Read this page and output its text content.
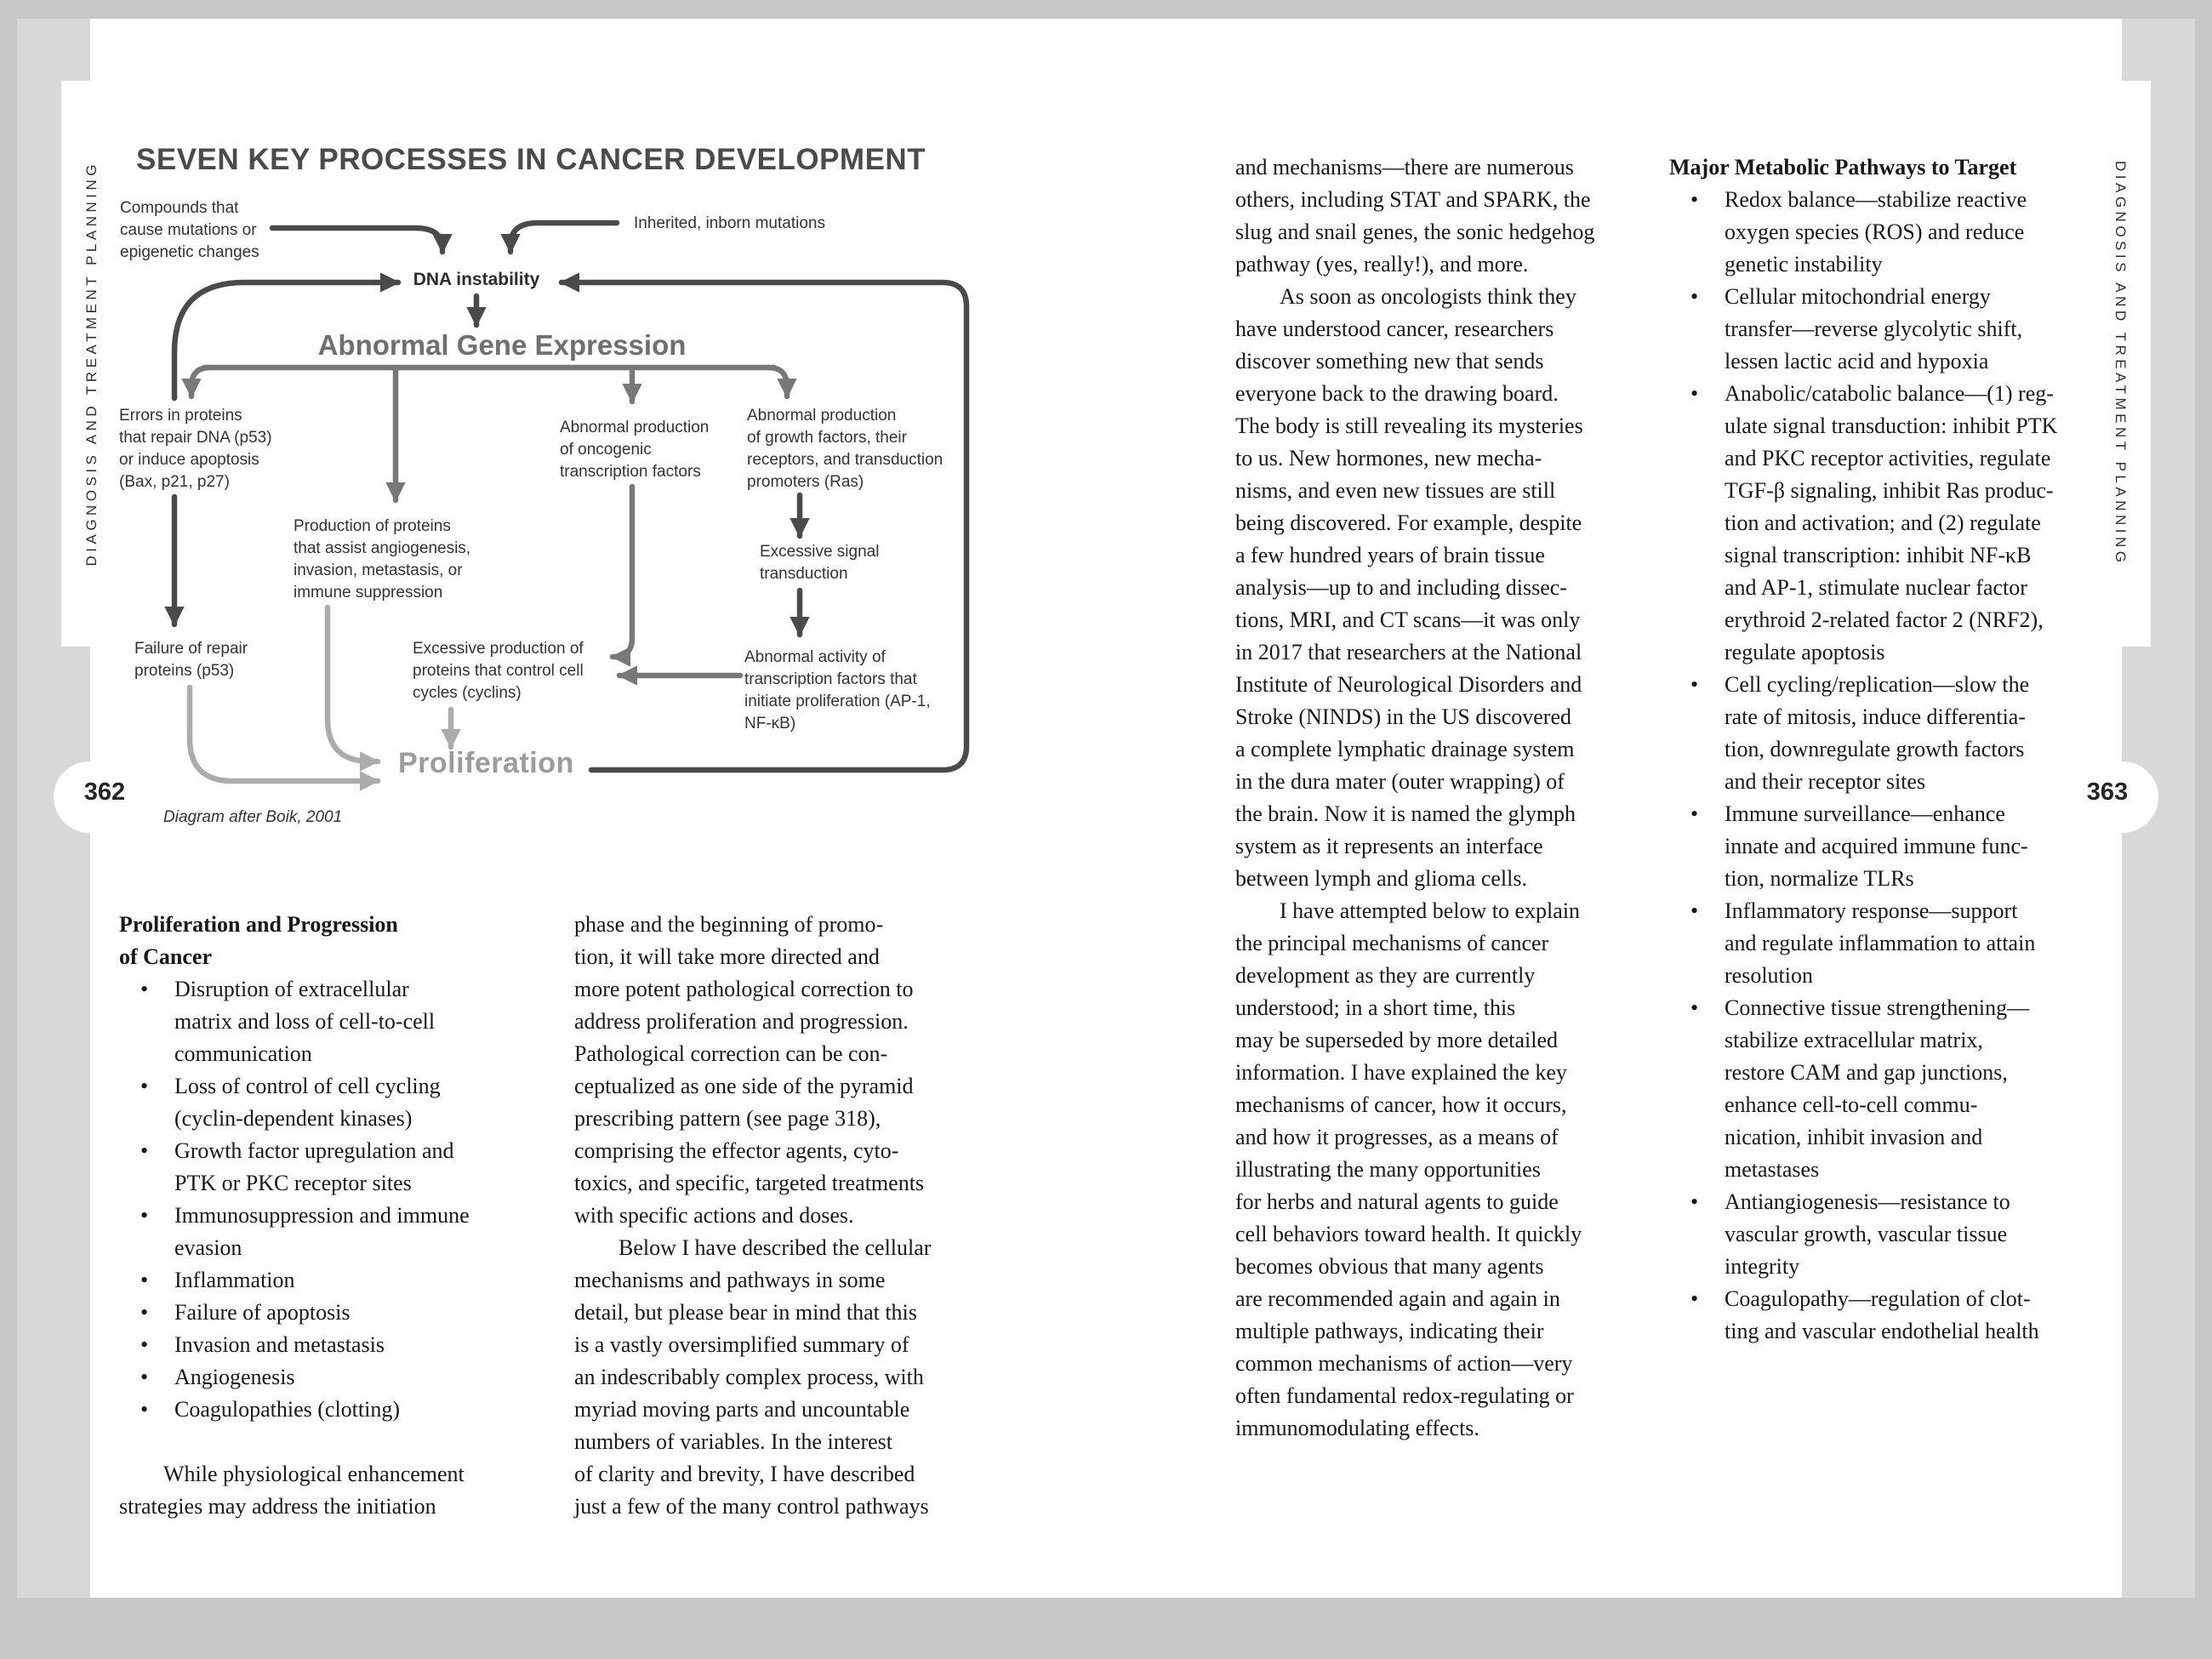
DIAGNOSIS AND TREATMENT PLANNING	DIAGNOSIS AND TREATMENT PLANNING
362	363
SEVEN KEY PROCESSES IN CANCER DEVELOPMENT
Compounds that
cause mutations or
epigenetic changes
Inherited, inborn mutations
DNA instability
Abnormal Gene Expression
Errors in proteins
that repair DNA (p53)
or induce apoptosis
(Bax, p21, p27)
Abnormal production
of oncogenic
transcription factors
Abnormal production
of growth factors, their
receptors, and transduction
promoters (Ras)
Production of proteins
that assist angiogenesis,
invasion, metastasis, or
immune suppression
Excessive signal
transduction
Failure of repair
proteins (p53)
Excessive production of
proteins that control cell
cycles (cyclins)
Abnormal activity of
transcription factors that
initiate proliferation (AP-1,
NF-κB)
Proliferation
Diagram after Boik, 2001
Proliferation and Progression
of Cancer
•	Disruption of extracellular
matrix and loss of cell-to-cell
communication
•	Loss of control of cell cycling
(cyclin-dependent kinases)
•	Growth factor upregulation and
PTK or PKC receptor sites
•	Immunosuppression and immune
evasion
•	Inflammation
•	Failure of apoptosis
•	Invasion and metastasis
•	Angiogenesis
•	Coagulopathies (clotting)
  While physiological enhancement
strategies may address the initiation
phase and the beginning of promo-
tion, it will take more directed and
more potent pathological correction to
address proliferation and progression.
Pathological correction can be con-
ceptualized as one side of the pyramid
prescribing pattern (see page 318),
comprising the effector agents, cyto-
toxics, and specific, targeted treatments
with specific actions and doses.
  Below I have described the cellular
mechanisms and pathways in some
detail, but please bear in mind that this
is a vastly oversimplified summary of
an indescribably complex process, with
myriad moving parts and uncountable
numbers of variables. In the interest
of clarity and brevity, I have described
just a few of the many control pathways
and mechanisms—there are numerous
others, including STAT and SPARK, the
slug and snail genes, the sonic hedgehog
pathway (yes, really!), and more.
  As soon as oncologists think they
have understood cancer, researchers
discover something new that sends
everyone back to the drawing board.
The body is still revealing its mysteries
to us. New hormones, new mecha-
nisms, and even new tissues are still
being discovered. For example, despite
a few hundred years of brain tissue
analysis—up to and including dissec-
tions, MRI, and CT scans—it was only
in 2017 that researchers at the National
Institute of Neurological Disorders and
Stroke (NINDS) in the US discovered
a complete lymphatic drainage system
in the dura mater (outer wrapping) of
the brain. Now it is named the glymph
system as it represents an interface
between lymph and glioma cells.
  I have attempted below to explain
the principal mechanisms of cancer
development as they are currently
understood; in a short time, this
may be superseded by more detailed
information. I have explained the key
mechanisms of cancer, how it occurs,
and how it progresses, as a means of
illustrating the many opportunities
for herbs and natural agents to guide
cell behaviors toward health. It quickly
becomes obvious that many agents
are recommended again and again in
multiple pathways, indicating their
common mechanisms of action—very
often fundamental redox-regulating or
immunomodulating effects.
Major Metabolic Pathways to Target
•	Redox balance—stabilize reactive
oxygen species (ROS) and reduce
genetic instability
•	Cellular mitochondrial energy
transfer—reverse glycolytic shift,
lessen lactic acid and hypoxia
•	Anabolic/catabolic balance—(1) reg-
ulate signal transduction: inhibit PTK
and PKC receptor activities, regulate
TGF-β signaling, inhibit Ras produc-
tion and activation; and (2) regulate
signal transcription: inhibit NF-κB
and AP-1, stimulate nuclear factor
erythroid 2-related factor 2 (NRF2),
regulate apoptosis
•	Cell cycling/replication—slow the
rate of mitosis, induce differentia-
tion, downregulate growth factors
and their receptor sites
•	Immune surveillance—enhance
innate and acquired immune func-
tion, normalize TLRs
•	Inflammatory response—support
and regulate inflammation to attain
resolution
•	Connective tissue strengthening—
stabilize extracellular matrix,
restore CAM and gap junctions,
enhance cell-to-cell commu-
nication, inhibit invasion and
metastases
•	Antiangiogenesis—resistance to
vascular growth, vascular tissue
integrity
•	Coagulopathy—regulation of clot-
ting and vascular endothelial health
